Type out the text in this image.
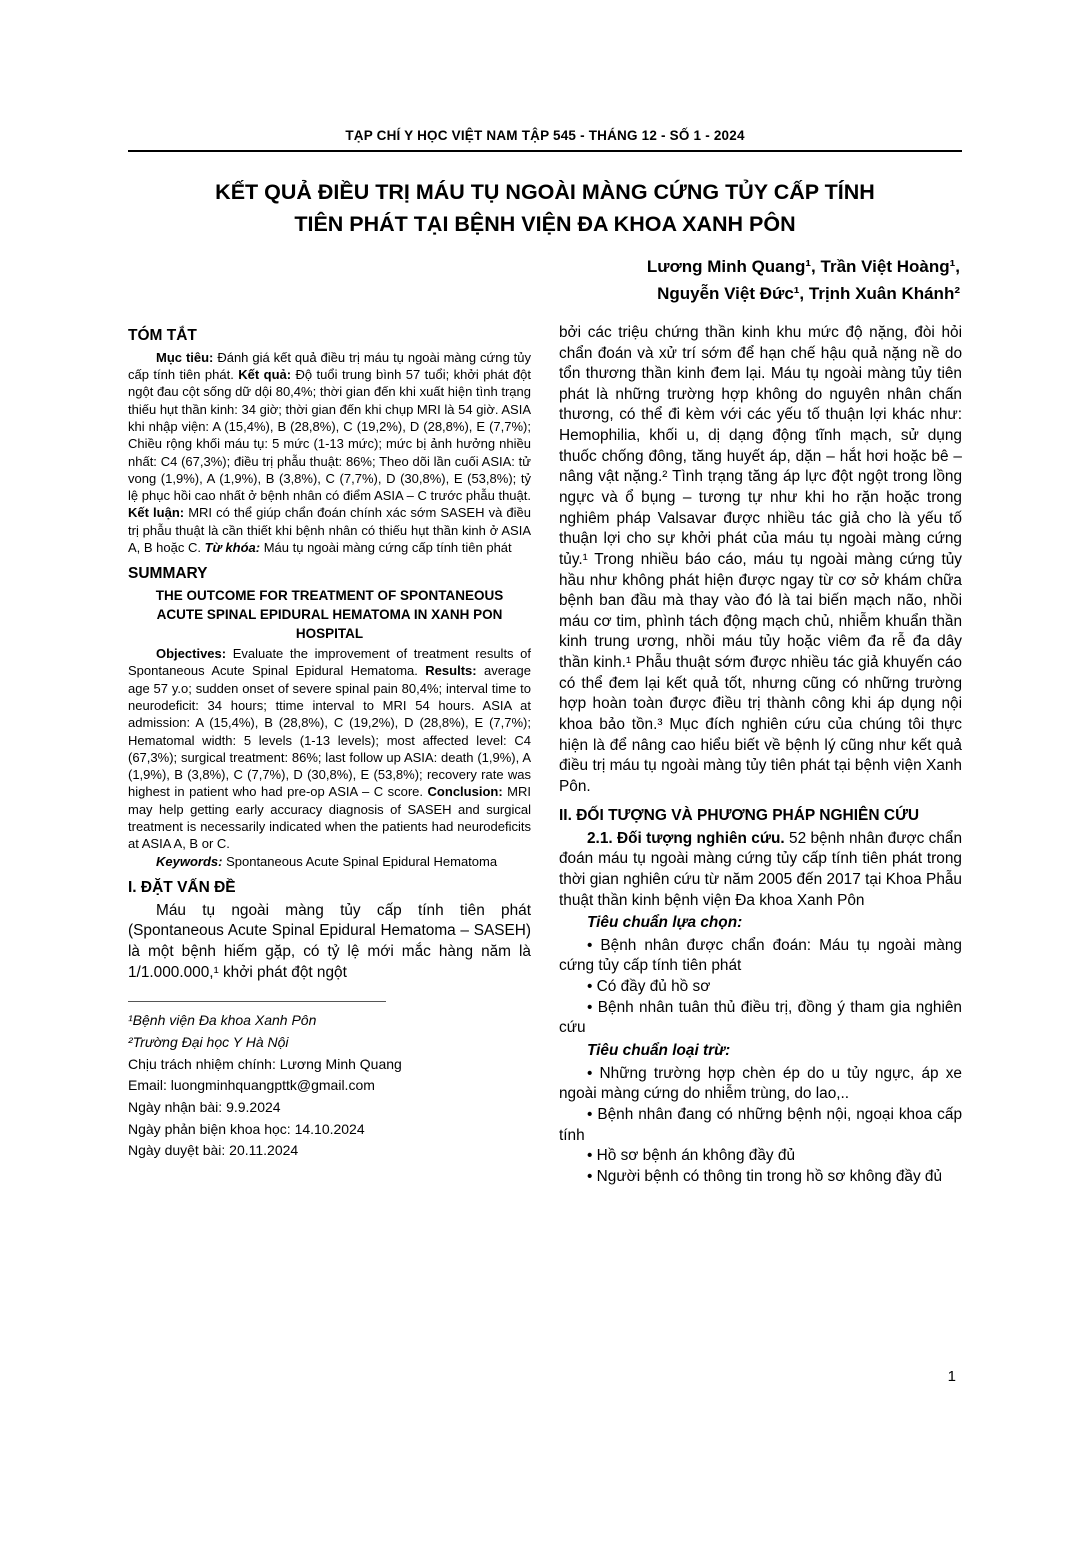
TẠP CHÍ Y HỌC VIỆT NAM TẬP 545 - THÁNG 12 - SỐ 1 - 2024
KẾT QUẢ ĐIỀU TRỊ MÁU TỤ NGOÀI MÀNG CỨNG TỦY CẤP TÍNH
TIÊN PHÁT TẠI BỆNH VIỆN ĐA KHOA XANH PÔN
Lương Minh Quang¹, Trần Việt Hoàng¹,
Nguyễn Việt Đức¹, Trịnh Xuân Khánh²
TÓM TẮT

Mục tiêu: Đánh giá kết quả điều trị máu tụ ngoài màng cứng tủy cấp tính tiên phát. Kết quả: Độ tuổi trung bình 57 tuổi; khởi phát đột ngột đau cột sống dữ dội 80,4%; thời gian đến khi xuất hiện tình trạng thiếu hụt thần kinh: 34 giờ; thời gian đến khi chụp MRI là 54 giờ. ASIA khi nhập viện: A (15,4%), B (28,8%), C (19,2%), D (28,8%), E (7,7%); Chiều rộng khối máu tụ: 5 mức (1-13 mức); mức bị ảnh hưởng nhiều nhất: C4 (67,3%); điều trị phẫu thuật: 86%; Theo dõi lần cuối ASIA: tử vong (1,9%), A (1,9%), B (3,8%), C (7,7%), D (30,8%), E (53,8%); tỷ lệ phục hồi cao nhất ở bệnh nhân có điểm ASIA – C trước phẫu thuật. Kết luận: MRI có thể giúp chẩn đoán chính xác sớm SASEH và điều trị phẫu thuật là cần thiết khi bệnh nhân có thiếu hụt thần kinh ở ASIA A, B hoặc C. Từ khóa: Máu tụ ngoài màng cứng cấp tính tiên phát

SUMMARY
THE OUTCOME FOR TREATMENT OF SPONTANEOUS ACUTE SPINAL EPIDURAL HEMATOMA IN XANH PON HOSPITAL

Objectives: Evaluate the improvement of treatment results of Spontaneous Acute Spinal Epidural Hematoma. Results: average age 57 y.o; sudden onset of severe spinal pain 80,4%; interval time to neurodeficit: 34 hours; ttime interval to MRI 54 hours. ASIA at admission: A (15,4%), B (28,8%), C (19,2%), D (28,8%), E (7,7%); Hematomal width: 5 levels (1-13 levels); most affected level: C4 (67,3%); surgical treatment: 86%; last follow up ASIA: death (1,9%), A (1,9%), B (3,8%), C (7,7%), D (30,8%), E (53,8%); recovery rate was highest in patient who had pre-op ASIA – C score. Conclusion: MRI may help getting early accuracy diagnosis of SASEH and surgical treatment is necessarily indicated when the patients had neurodeficits at ASIA A, B or C.

Keywords: Spontaneous Acute Spinal Epidural Hematoma

I. ĐẶT VẤN ĐỀ

Máu tụ ngoài màng tủy cấp tính tiên phát (Spontaneous Acute Spinal Epidural Hematoma – SASEH) là một bệnh hiếm gặp, có tỷ lệ mới mắc hàng năm là 1/1.000.000,¹ khởi phát đột ngột

¹Bệnh viện Đa khoa Xanh Pôn
²Trường Đại học Y Hà Nội
Chịu trách nhiệm chính: Lương Minh Quang
Email: luongminhquangpttk@gmail.com
Ngày nhận bài: 9.9.2024
Ngày phản biện khoa học: 14.10.2024
Ngày duyệt bài: 20.11.2024

bởi các triệu chứng thần kinh khu mức độ nặng, đòi hỏi chẩn đoán và xử trí sớm để hạn chế hậu quả nặng nề do tổn thương thần kinh đem lại. Máu tụ ngoài màng tủy tiên phát là những trường hợp không do nguyên nhân chấn thương, có thể đi kèm với các yếu tố thuận lợi khác như: Hemophilia, khối u, dị dạng động tĩnh mạch, sử dụng thuốc chống đông, tăng huyết áp, dặn – hắt hơi hoặc bê – nâng vật nặng.² Tình trạng tăng áp lực đột ngột trong lồng ngực và ổ bụng – tương tự như khi ho rặn hoặc trong nghiêm pháp Valsavar được nhiều tác giả cho là yếu tố thuận lợi cho sự khởi phát của máu tụ ngoài màng cứng tủy.¹ Trong nhiều báo cáo, máu tụ ngoài màng cứng tủy hầu như không phát hiện được ngay từ cơ sở khám chữa bệnh ban đầu mà thay vào đó là tai biến mạch não, nhồi máu cơ tim, phình tách động mạch chủ, nhiễm khuẩn thần kinh trung ương, nhồi máu tủy hoặc viêm đa rễ đa dây thần kinh.¹ Phẫu thuật sớm được nhiều tác giả khuyến cáo có thể đem lại kết quả tốt, nhưng cũng có những trường hợp hoàn toàn được điều trị thành công khi áp dụng nội khoa bảo tồn.³ Mục đích nghiên cứu của chúng tôi thực hiện là để nâng cao hiểu biết về bệnh lý cũng như kết quả điều trị máu tụ ngoài màng tủy tiên phát tại bệnh viện Xanh Pôn.

II. ĐỐI TƯỢNG VÀ PHƯƠNG PHÁP NGHIÊN CỨU

2.1. Đối tượng nghiên cứu. 52 bệnh nhân được chẩn đoán máu tụ ngoài màng cứng tủy cấp tính tiên phát trong thời gian nghiên cứu từ năm 2005 đến 2017 tại Khoa Phẫu thuật thần kinh bệnh viện Đa khoa Xanh Pôn

Tiêu chuẩn lựa chọn:

• Bệnh nhân được chẩn đoán: Máu tụ ngoài màng cứng tủy cấp tính tiên phát
• Có đầy đủ hồ sơ
• Bệnh nhân tuân thủ điều trị, đồng ý tham gia nghiên cứu

Tiêu chuẩn loại trừ:

• Những trường hợp chèn ép do u tủy ngực, áp xe ngoài màng cứng do nhiễm trùng, do lao,..
• Bệnh nhân đang có những bệnh nội, ngoại khoa cấp tính
• Hồ sơ bệnh án không đầy đủ
• Người bệnh có thông tin trong hồ sơ không đầy đủ
1
